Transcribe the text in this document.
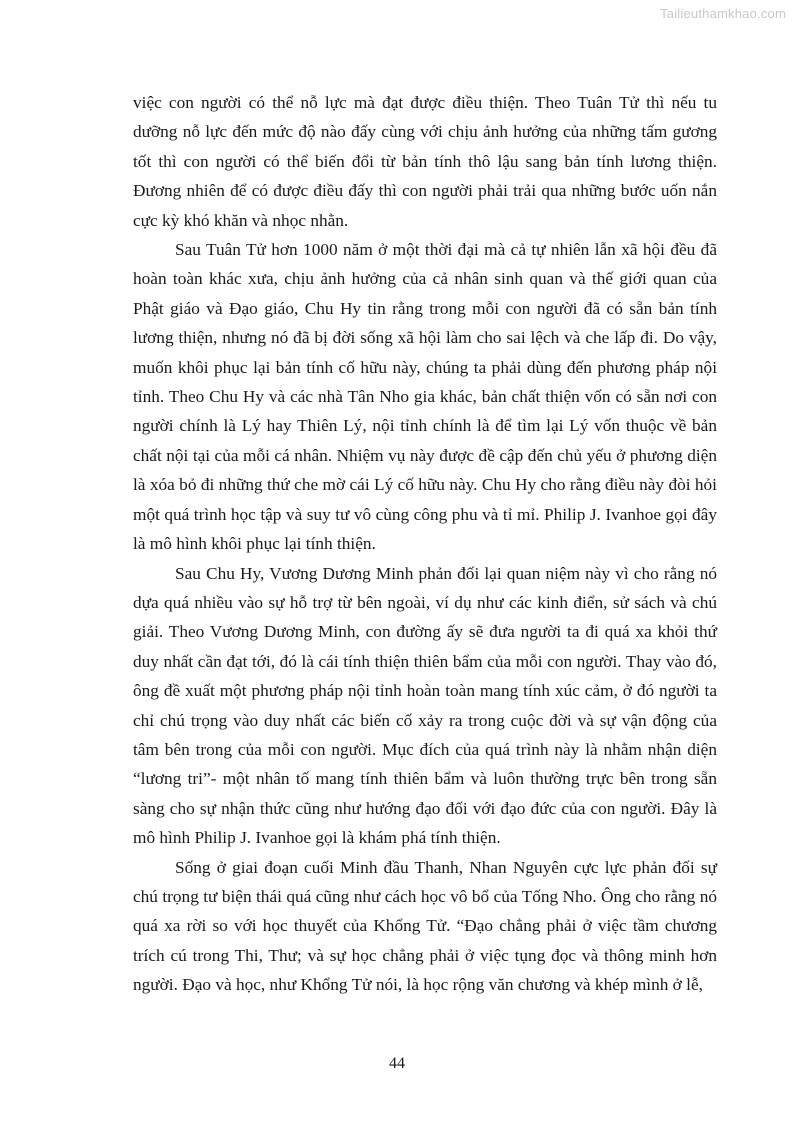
Tailieuthamkhao.com

việc con người có thể nỗ lực mà đạt được điều thiện. Theo Tuân Tử thì nếu tu dưỡng nỗ lực đến mức độ nào đấy cùng với chịu ảnh hưởng của những tấm gương tốt thì con người có thể biến đổi từ bản tính thô lậu sang bản tính lương thiện. Đương nhiên để có được điều đấy thì con người phải trải qua những bước uốn nắn cực kỳ khó khăn và nhọc nhằn.

Sau Tuân Tử hơn 1000 năm ở một thời đại mà cả tự nhiên lẫn xã hội đều đã hoàn toàn khác xưa, chịu ảnh hưởng của cả nhân sinh quan và thế giới quan của Phật giáo và Đạo giáo, Chu Hy tin rằng trong mỗi con người đã có sẵn bản tính lương thiện, nhưng nó đã bị đời sống xã hội làm cho sai lệch và che lấp đi. Do vậy, muốn khôi phục lại bản tính cố hữu này, chúng ta phải dùng đến phương pháp nội tỉnh. Theo Chu Hy và các nhà Tân Nho gia khác, bản chất thiện vốn có sẵn nơi con người chính là Lý hay Thiên Lý, nội tỉnh chính là để tìm lại Lý vốn thuộc về bản chất nội tại của mỗi cá nhân. Nhiệm vụ này được đề cập đến chủ yếu ở phương diện là xóa bỏ đi những thứ che mờ cái Lý cố hữu này. Chu Hy cho rằng điều này đòi hỏi một quá trình học tập và suy tư vô cùng công phu và tỉ mỉ. Philip J. Ivanhoe gọi đây là mô hình khôi phục lại tính thiện.

Sau Chu Hy, Vương Dương Minh phản đối lại quan niệm này vì cho rằng nó dựa quá nhiều vào sự hỗ trợ từ bên ngoài, ví dụ như các kinh điển, sử sách và chú giải. Theo Vương Dương Minh, con đường ấy sẽ đưa người ta đi quá xa khỏi thứ duy nhất cần đạt tới, đó là cái tính thiện thiên bẩm của mỗi con người. Thay vào đó, ông đề xuất một phương pháp nội tỉnh hoàn toàn mang tính xúc cảm, ở đó người ta chỉ chú trọng vào duy nhất các biến cố xảy ra trong cuộc đời và sự vận động của tâm bên trong của mỗi con người. Mục đích của quá trình này là nhằm nhận diện “lương tri”- một nhân tố mang tính thiên bẩm và luôn thường trực bên trong sẵn sàng cho sự nhận thức cũng như hướng đạo đối với đạo đức của con người. Đây là mô hình Philip J. Ivanhoe gọi là khám phá tính thiện.

Sống ở giai đoạn cuối Minh đầu Thanh, Nhan Nguyên cực lực phản đối sự chú trọng tư biện thái quá cũng như cách học vô bổ của Tống Nho. Ông cho rằng nó quá xa rời so với học thuyết của Khổng Tử. “Đạo chẳng phải ở việc tầm chương trích cú trong Thi, Thư; và sự học chẳng phải ở việc tụng đọc và thông minh hơn người. Đạo và học, như Khổng Tử nói, là học rộng văn chương và khép mình ở lễ,

44
